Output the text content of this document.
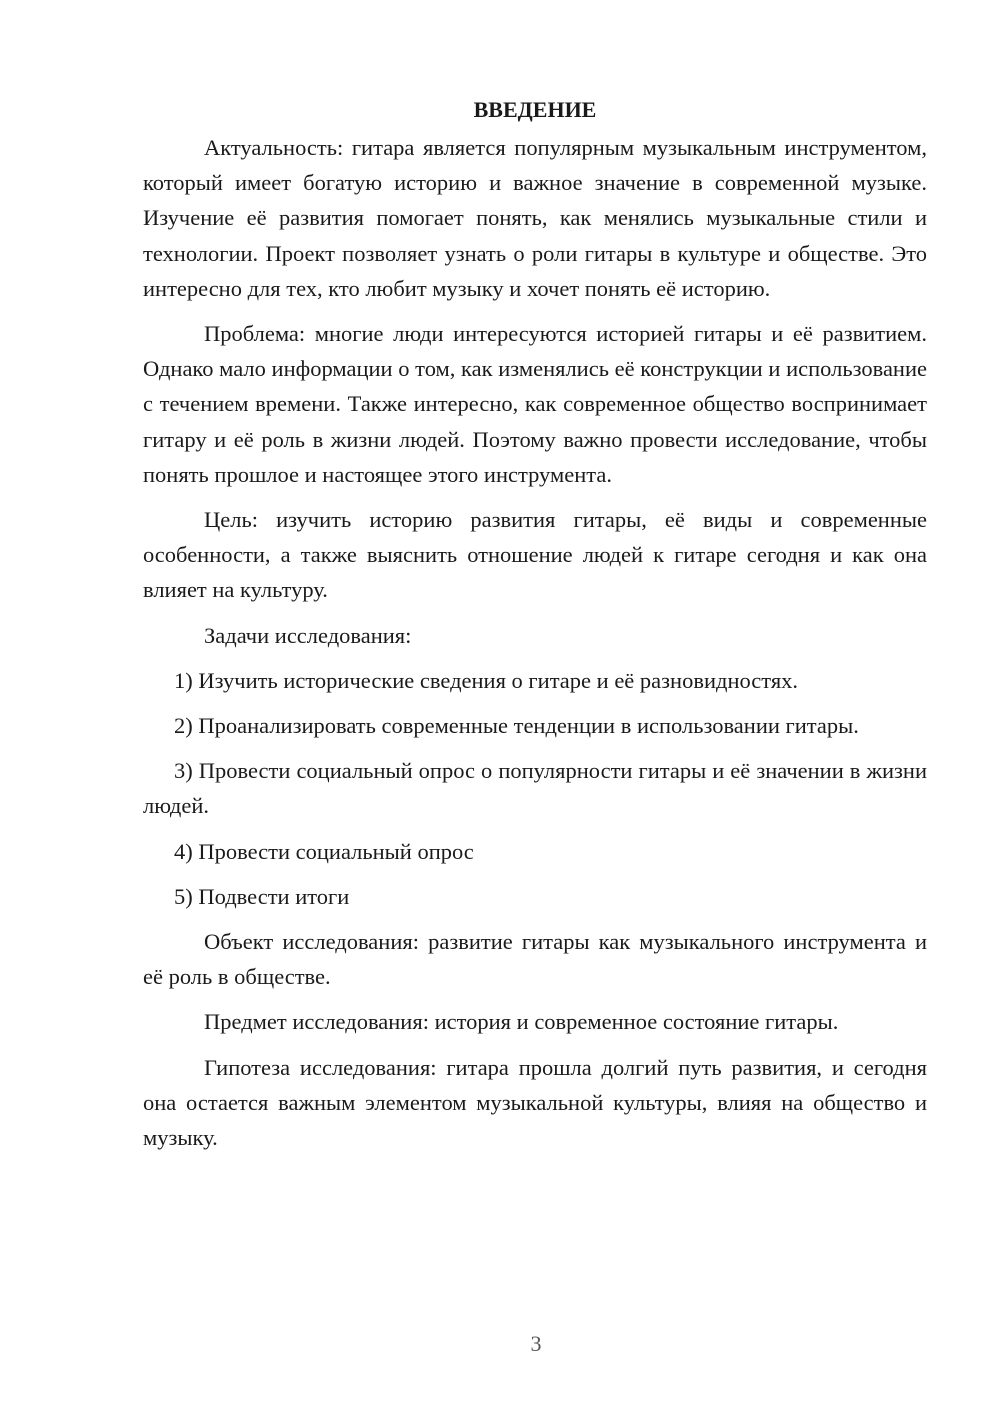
ВВЕДЕНИЕ

Актуальность: гитара является популярным музыкальным инструментом, который имеет богатую историю и важное значение в современной музыке. Изучение её развития помогает понять, как менялись музыкальные стили и технологии. Проект позволяет узнать о роли гитары в культуре и обществе. Это интересно для тех, кто любит музыку и хочет понять её историю.

Проблема: многие люди интересуются историей гитары и её развитием. Однако мало информации о том, как изменялись её конструкции и использование с течением времени. Также интересно, как современное общество воспринимает гитару и её роль в жизни людей. Поэтому важно провести исследование, чтобы понять прошлое и настоящее этого инструмента.

Цель: изучить историю развития гитары, её виды и современные особенности, а также выяснить отношение людей к гитаре сегодня и как она влияет на культуру.

Задачи исследования:

1) Изучить исторические сведения о гитаре и её разновидностях.

2) Проанализировать современные тенденции в использовании гитары.

3) Провести социальный опрос о популярности гитары и её значении в жизни людей.

4) Провести социальный опрос

5) Подвести итоги

Объект исследования: развитие гитары как музыкального инструмента и её роль в обществе.

Предмет исследования: история и современное состояние гитары.

Гипотеза исследования: гитара прошла долгий путь развития, и сегодня она остается важным элементом музыкальной культуры, влияя на общество и музыку.

3
